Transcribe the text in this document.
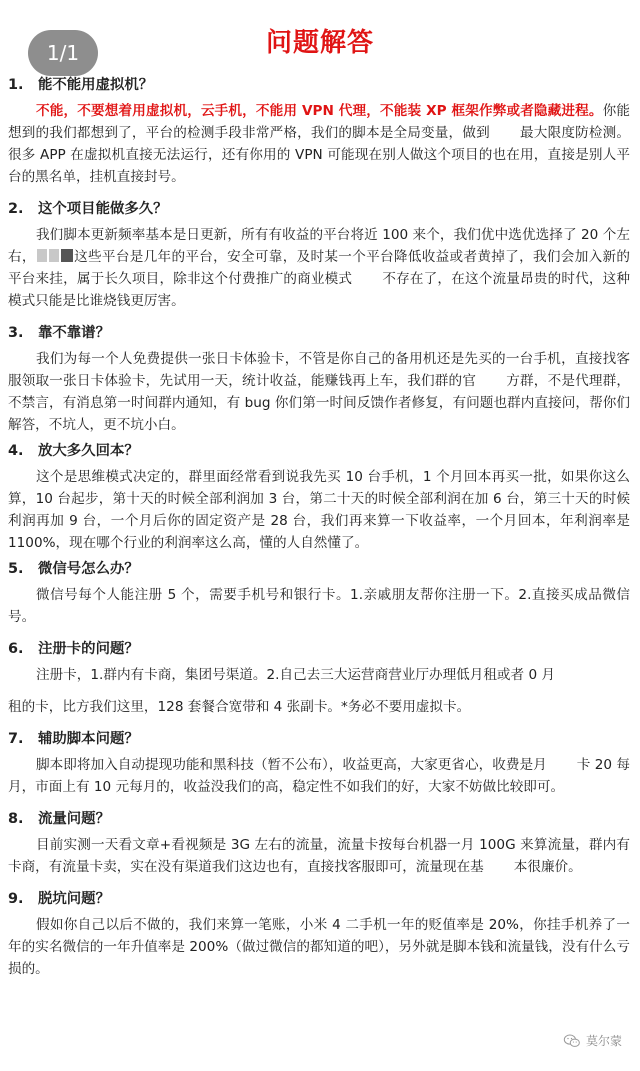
1/1	问题解答

1. 能不能用虚拟机？

不能，不要想着用虚拟机，云手机，不能用 VPN 代理，不能装 XP 框架作弊或者隐藏进程。你能想到的我们都想到了，平台的检测手段非常严格，我们的脚本是全局变量，做到 最大限度防检测。很多 APP 在虚拟机直接无法运行，还有你用的 VPN 可能现在别人做这个项目的也在用，直接是别人平台的黑名单，挂机直接封号。

2. 这个项目能做多久？

我们脚本更新频率基本是日更新，所有有收益的平台将近 100 来个，我们优中选优选择了 20 个左右，	这些平台是几年的平台，安全可靠，及时某一个平台降低收益或者黄掉了，我们会加入新的平台来挂，属于长久项目，除非这个付费推广的商业模式 不存在了，在这个流量昂贵的时代，这种模式只能是比谁烧钱更厉害。

3. 靠不靠谱？

我们为每一个人免费提供一张日卡体验卡，不管是你自己的备用机还是先买的一台手机，直接找客服领取一张日卡体验卡，先试用一天，统计收益，能赚钱再上车，我们群的官 方群，不是代理群，不禁言，有消息第一时间群内通知，有 bug 你们第一时间反馈作者修复，有问题也群内直接问，帮你们解答，不坑人，更不坑小白。

4. 放大多久回本？

这个是思维模式决定的，群里面经常看到说我先买 10 台手机，1 个月回本再买一批，如果你这么算，10 台起步，第十天的时候全部利润加 3 台，第二十天的时候全部利润在加 6 台，第三十天的时候利润再加 9 台，一个月后你的固定资产是 28 台，我们再来算一下收益率，一个月回本，年利润率是1100%，现在哪个行业的利润率这么高，懂的人自然懂了。

5. 微信号怎么办？

微信号每个人能注册 5 个，需要手机号和银行卡。1.亲戚朋友帮你注册一下。2.直接买成品微信号。

6. 注册卡的问题？

注册卡，1.群内有卡商，集团号渠道。2.自己去三大运营商营业厅办理低月租或者 0 月

租的卡，比方我们这里，128 套餐合宽带和 4 张副卡。*务必不要用虚拟卡。

7. 辅助脚本问题？

脚本即将加入自动提现功能和黑科技（暂不公布），收益更高，大家更省心，收费是月 卡 20 每月，市面上有 10 元每月的，收益没我们的高，稳定性不如我们的好，大家不妨做比较即可。

8. 流量问题？

目前实测一天看文章+看视频是 3G 左右的流量，流量卡按每台机器一月 100G 来算流量，群内有卡商，有流量卡卖，实在没有渠道我们这边也有，直接找客服即可，流量现在基 本很廉价。

9. 脱坑问题？

假如你自己以后不做的，我们来算一笔账，小米 4 二手机一年的贬值率是 20%，你挂手机养了一年的实名微信的一年升值率是 200%（做过微信的都知道的吧），另外就是脚本钱和流量钱，没有什么亏损的。

莫尔蒙
